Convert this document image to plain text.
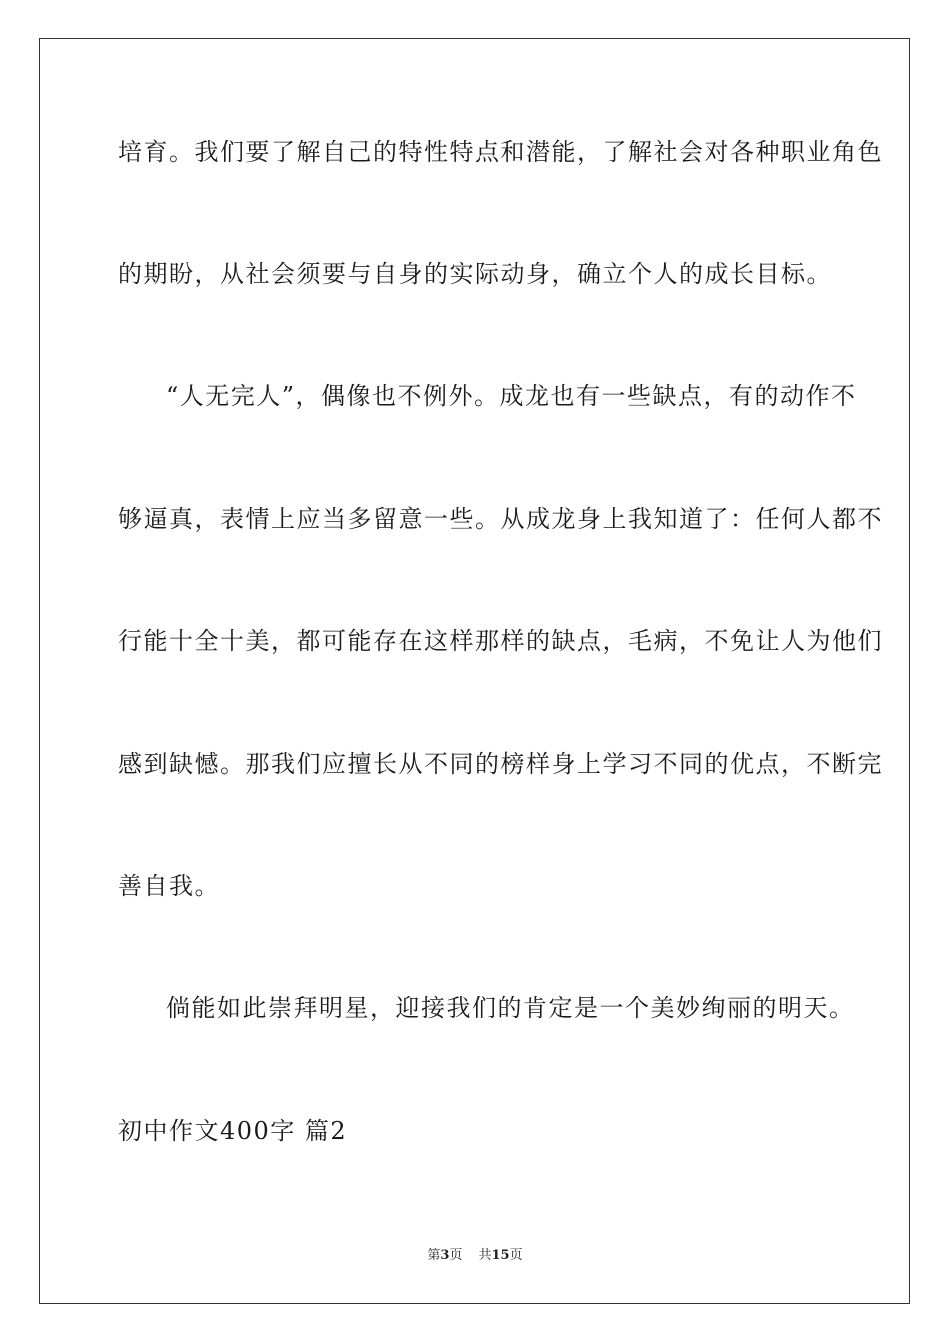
培育。我们要了解自己的特性特点和潜能，了解社会对各种职业角色
的期盼，从社会须要与自身的实际动身，确立个人的成长目标。
“人无完人”，偶像也不例外。成龙也有一些缺点，有的动作不
够逼真，表情上应当多留意一些。从成龙身上我知道了：任何人都不
行能十全十美，都可能存在这样那样的缺点，毛病，不免让人为他们
感到缺憾。那我们应擅长从不同的榜样身上学习不同的优点，不断完
善自我。
倘能如此崇拜明星，迎接我们的肯定是一个美妙绚丽的明天。
初中作文400字 篇2
第3页 共15页
